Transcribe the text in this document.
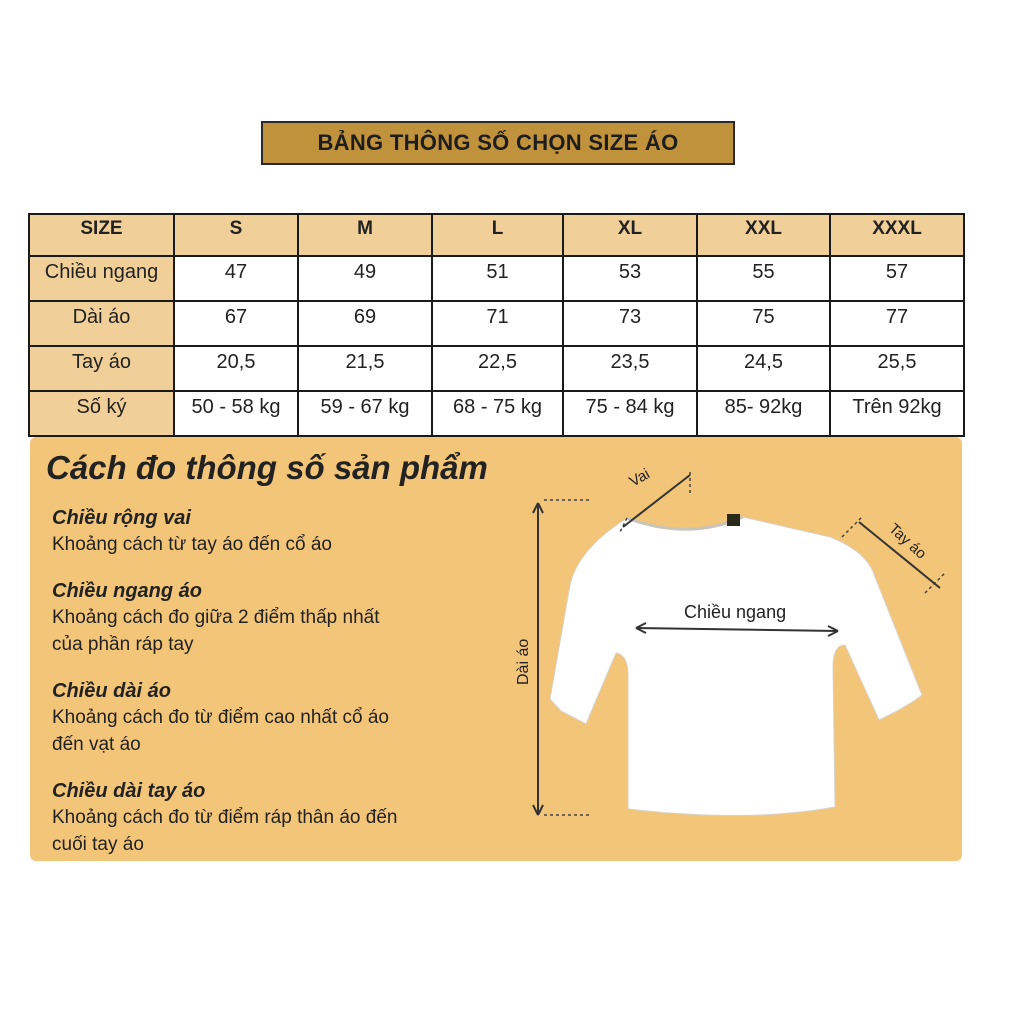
BẢNG THÔNG SỐ CHỌN SIZE ÁO
SIZE	S	M	L	XL	XXL	XXXL
Chiều ngang	47	49	51	53	55	57
Dài áo	67	69	71	73	75	77
Tay áo	20,5	21,5	22,5	23,5	24,5	25,5
Số ký	50 - 58 kg	59 - 67 kg	68 - 75 kg	75 - 84 kg	85- 92kg	Trên 92kg
Cách đo thông số sản phẩm
Chiều rộng vai
Khoảng cách từ tay áo đến cổ áo
Chiều ngang áo
Khoảng cách đo giữa 2 điểm thấp nhất
của phần ráp tay
Chiều dài áo
Khoảng cách đo từ điểm cao nhất cổ áo
đến vạt áo
Chiều dài tay áo
Khoảng cách đo từ điểm ráp thân áo đến
cuối tay áo
Vai
Tay áo
Chiều ngang
Dài áo
